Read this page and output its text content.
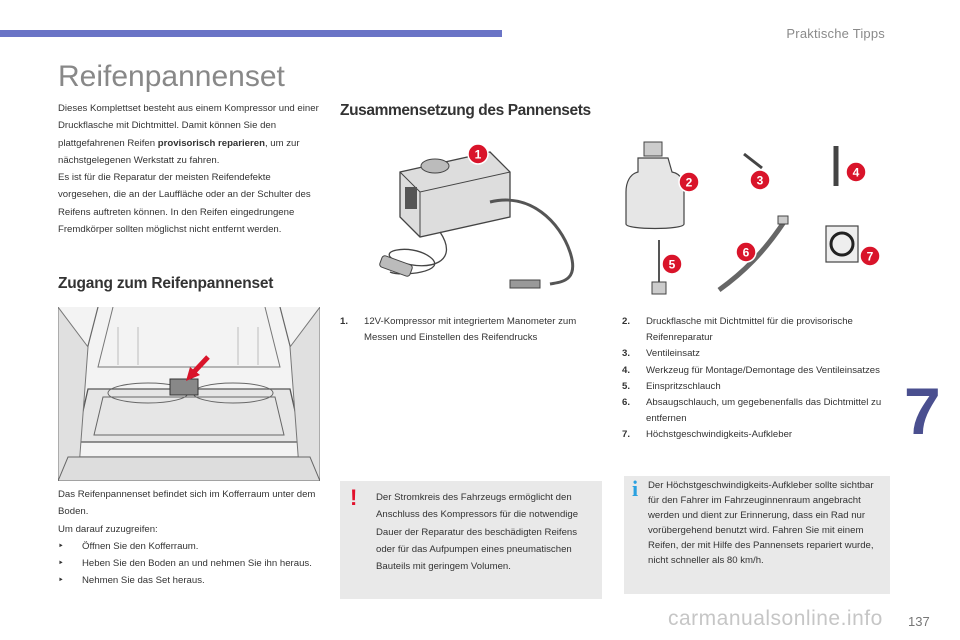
Praktische Tipps
Reifenpannenset
Dieses Komplettset besteht aus einem Kompressor und einer Druckflasche mit Dichtmittel. Damit können Sie den plattgefahrenen Reifen provisorisch reparieren, um zur nächstgelegenen Werkstatt zu fahren.
Es ist für die Reparatur der meisten Reifendefekte vorgesehen, die an der Lauffläche oder an der Schulter des Reifens auftreten können. In den Reifen eingedrungene Fremdkörper sollten möglichst nicht entfernt werden.
Zugang zum Reifenpannenset
Das Reifenpannenset befindet sich im Kofferraum unter dem Boden.
Um darauf zuzugreifen:
‣ Öffnen Sie den Kofferraum.
‣ Heben Sie den Boden an und nehmen Sie ihn heraus.
‣ Nehmen Sie das Set heraus.
Zusammensetzung des Pannensets
1
2	3
4
5
6	7
1. 12V-Kompressor mit integriertem Manometer zum Messen und Einstellen des Reifendrucks
2. Druckflasche mit Dichtmittel für die provisorische Reifenreparatur
3. Ventileinsatz
4. Werkzeug für Montage/Demontage des Ventileinsatzes
5. Einspritzschlauch
6. Absaugschlauch, um gegebenenfalls das Dichtmittel zu entfernen
7. Höchstgeschwindigkeits-Aufkleber
! Der Stromkreis des Fahrzeugs ermöglicht den Anschluss des Kompressors für die notwendige Dauer der Reparatur des beschädigten Reifens oder für das Aufpumpen eines pneumatischen Bauteils mit geringem Volumen.
i Der Höchstgeschwindigkeits-Aufkleber sollte sichtbar für den Fahrer im Fahrzeuginnenraum angebracht werden und dient zur Erinnerung, dass ein Rad nur vorübergehend benutzt wird. Fahren Sie mit einem Reifen, der mit Hilfe des Pannensets repariert wurde, nicht schneller als 80 km/h.
7
137
carmanualsonline.info
